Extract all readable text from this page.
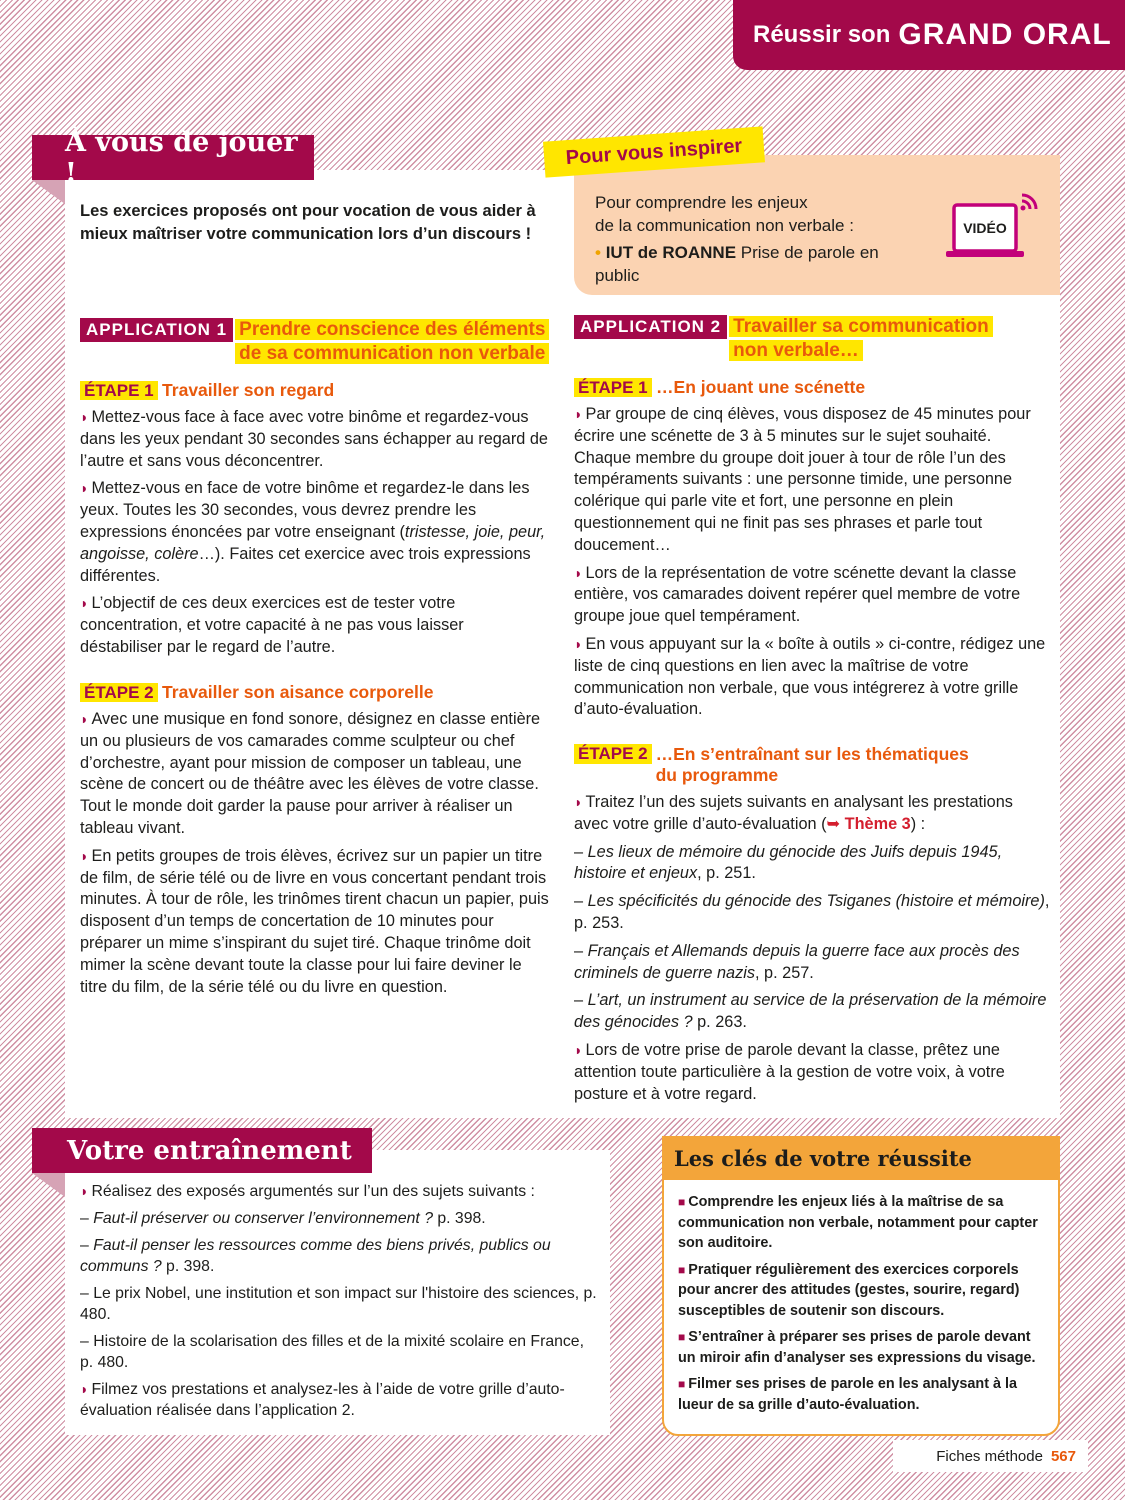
Réussir son GRAND ORAL
À vous de jouer !
Les exercices proposés ont pour vocation de vous aider à mieux maîtriser votre communication lors d’un discours !
Pour vous inspirer
Pour comprendre les enjeux
de la communication non verbale :
• IUT de ROANNE Prise de parole en public
VIDÉO
APPLICATION 1 Prendre conscience des éléments
de sa communication non verbale
ÉTAPE 1 Travailler son regard

◗ Mettez-vous face à face avec votre binôme et regardez-vous dans les yeux pendant 30 secondes sans échapper au regard de l’autre et sans vous déconcentrer.

◗ Mettez-vous en face de votre binôme et regardez-le dans les yeux. Toutes les 30 secondes, vous devrez prendre les expressions énoncées par votre enseignant (tristesse, joie, peur, angoisse, colère…). Faites cet exercice avec trois expressions différentes.

◗ L’objectif de ces deux exercices est de tester votre concentration, et votre capacité à ne pas vous laisser déstabiliser par le regard de l’autre.

ÉTAPE 2 Travailler son aisance corporelle

◗ Avec une musique en fond sonore, désignez en classe entière un ou plusieurs de vos camarades comme sculpteur ou chef d’orchestre, ayant pour mission de composer un tableau, une scène de concert ou de théâtre avec les élèves de votre classe. Tout le monde doit garder la pause pour arriver à réaliser un tableau vivant.

◗ En petits groupes de trois élèves, écrivez sur un papier un titre de film, de série télé ou de livre en vous concertant pendant trois minutes. À tour de rôle, les trinômes tirent chacun un papier, puis disposent d’un temps de concertation de 10 minutes pour préparer un mime s’inspirant du sujet tiré. Chaque trinôme doit mimer la scène devant toute la classe pour lui faire deviner le titre du film, de la série télé ou du livre en question.

APPLICATION 2 Travailler sa communication
non verbale…
ÉTAPE 1 …En jouant une scénette

◗ Par groupe de cinq élèves, vous disposez de 45 minutes pour écrire une scénette de 3 à 5 minutes sur le sujet souhaité. Chaque membre du groupe doit jouer à tour de rôle l’un des tempéraments suivants : une personne timide, une personne colérique qui parle vite et fort, une personne en plein questionnement qui ne finit pas ses phrases et parle tout doucement…

◗ Lors de la représentation de votre scénette devant la classe entière, vos camarades doivent repérer quel membre de votre groupe joue quel tempérament.

◗ En vous appuyant sur la « boîte à outils » ci-contre, rédigez une liste de cinq questions en lien avec la maîtrise de votre communication non verbale, que vous intégrerez à votre grille d’auto-évaluation.

ÉTAPE 2 …En s’entraînant sur les thématiques
du programme

◗ Traitez l’un des sujets suivants en analysant les prestations avec votre grille d’auto-évaluation (➥ Thème 3) :

– Les lieux de mémoire du génocide des Juifs depuis 1945, histoire et enjeux, p. 251.

– Les spécificités du génocide des Tsiganes (histoire et mémoire), p. 253.

– Français et Allemands depuis la guerre face aux procès des criminels de guerre nazis, p. 257.

– L’art, un instrument au service de la préservation de la mémoire des génocides ? p. 263.

◗ Lors de votre prise de parole devant la classe, prêtez une attention toute particulière à la gestion de votre voix, à votre posture et à votre regard.

Votre entraînement

◗ Réalisez des exposés argumentés sur l’un des sujets suivants :

– Faut-il préserver ou conserver l’environnement ? p. 398.

– Faut-il penser les ressources comme des biens privés, publics ou communs ? p. 398.

– Le prix Nobel, une institution et son impact sur l'histoire des sciences, p. 480.

– Histoire de la scolarisation des filles et de la mixité scolaire en France, p. 480.

◗ Filmez vos prestations et analysez-les à l’aide de votre grille d’auto-évaluation réalisée dans l’application 2.

Les clés de votre réussite

■ Comprendre les enjeux liés à la maîtrise de sa communication non verbale, notamment pour capter son auditoire.

■ Pratiquer régulièrement des exercices corporels pour ancrer des attitudes (gestes, sourire, regard) susceptibles de soutenir son discours.

■ S’entraîner à préparer ses prises de parole devant un miroir afin d’analyser ses expressions du visage.

■ Filmer ses prises de parole en les analysant à la lueur de sa grille d’auto-évaluation.

Fiches méthode 567
